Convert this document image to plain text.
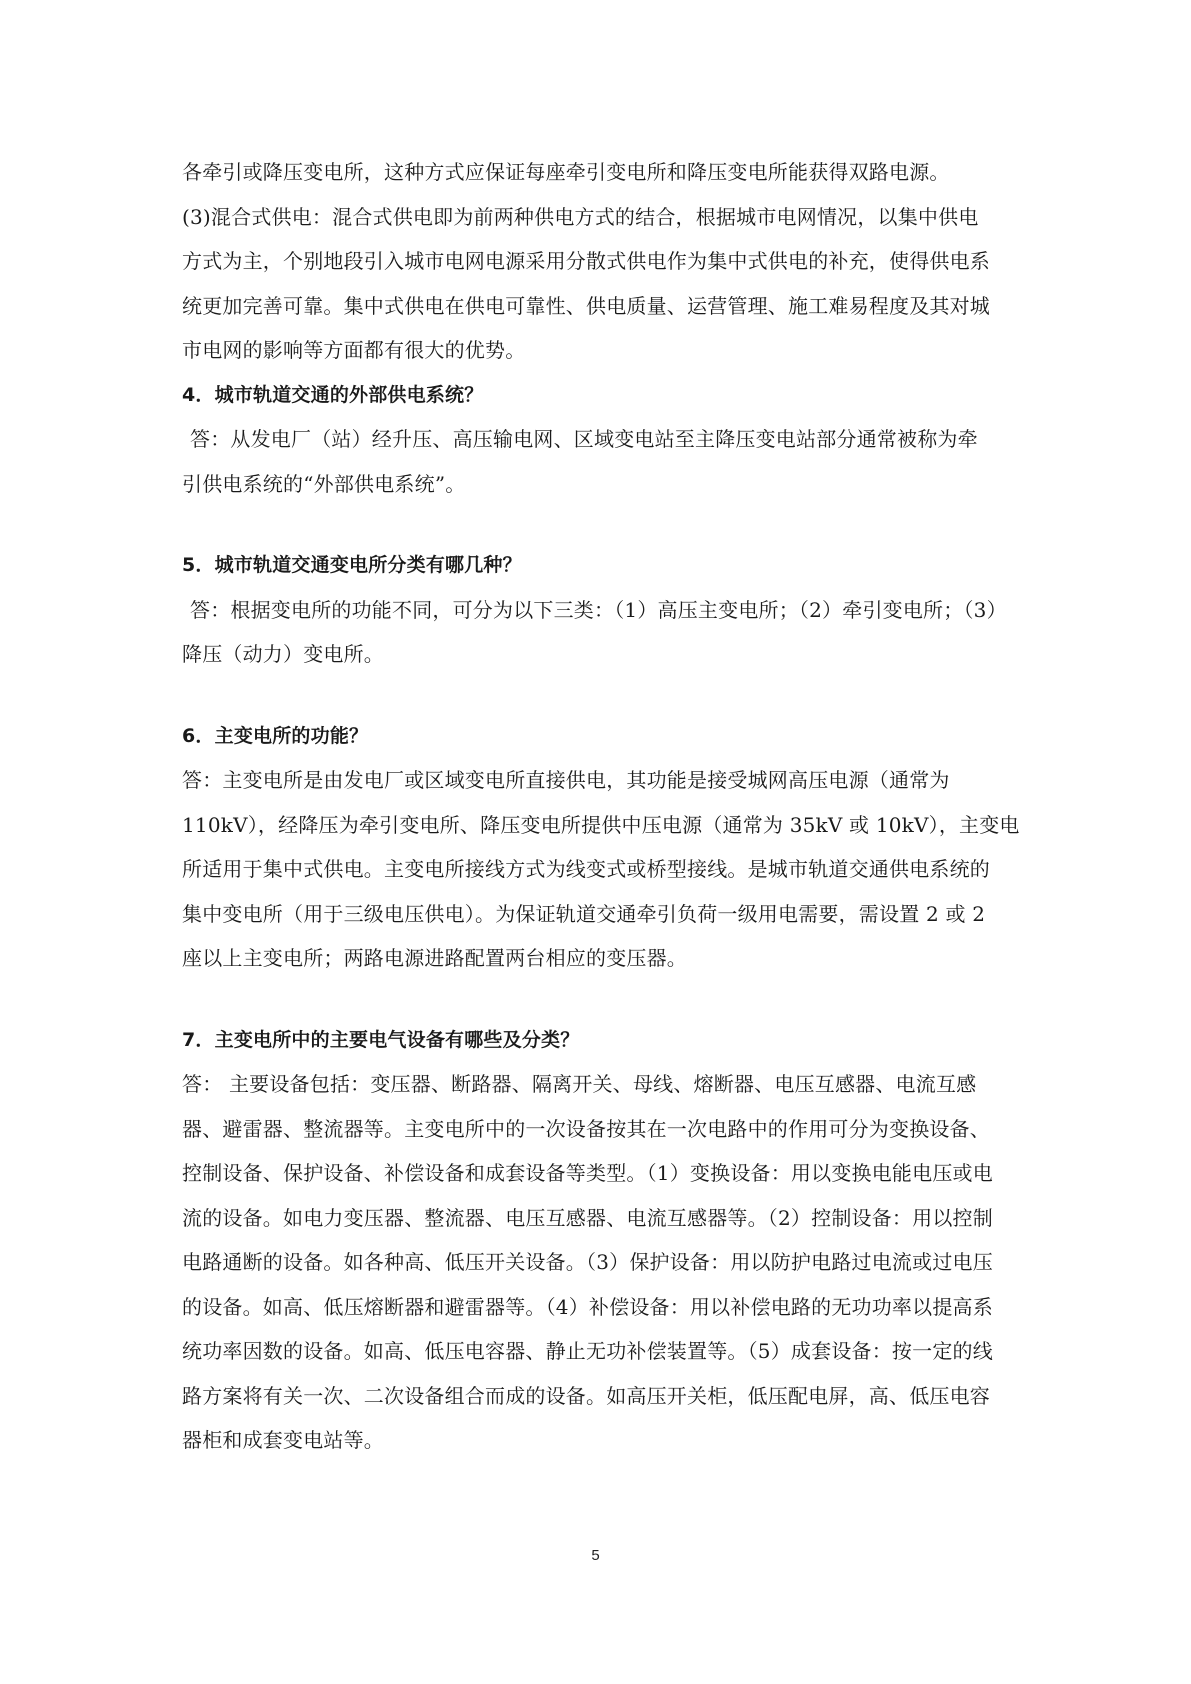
各牵引或降压变电所，这种方式应保证每座牵引变电所和降压变电所能获得双路电源。
(3)混合式供电：混合式供电即为前两种供电方式的结合，根据城市电网情况，以集中供电
方式为主，个别地段引入城市电网电源采用分散式供电作为集中式供电的补充，使得供电系
统更加完善可靠。集中式供电在供电可靠性、供电质量、运营管理、施工难易程度及其对城
市电网的影响等方面都有很大的优势。
4．城市轨道交通的外部供电系统？
答：从发电厂（站）经升压、高压输电网、区域变电站至主降压变电站部分通常被称为牵
引供电系统的“外部供电系统”。
5．城市轨道交通变电所分类有哪几种？
答：根据变电所的功能不同，可分为以下三类：（1）高压主变电所；（2）牵引变电所；（3）
降压（动力）变电所。
6．主变电所的功能？
答：主变电所是由发电厂或区域变电所直接供电，其功能是接受城网高压电源（通常为
110kV），经降压为牵引变电所、降压变电所提供中压电源（通常为 35kV 或 10kV），主变电
所适用于集中式供电。主变电所接线方式为线变式或桥型接线。是城市轨道交通供电系统的
集中变电所（用于三级电压供电）。为保证轨道交通牵引负荷一级用电需要，需设置 2 或 2
座以上主变电所；两路电源进路配置两台相应的变压器。
7．主变电所中的主要电气设备有哪些及分类？
答： 主要设备包括：变压器、断路器、隔离开关、母线、熔断器、电压互感器、电流互感
器、避雷器、整流器等。主变电所中的一次设备按其在一次电路中的作用可分为变换设备、
控制设备、保护设备、补偿设备和成套设备等类型。（1）变换设备：用以变换电能电压或电
流的设备。如电力变压器、整流器、电压互感器、电流互感器等。（2）控制设备：用以控制
电路通断的设备。如各种高、低压开关设备。（3）保护设备：用以防护电路过电流或过电压
的设备。如高、低压熔断器和避雷器等。（4）补偿设备：用以补偿电路的无功功率以提高系
统功率因数的设备。如高、低压电容器、静止无功补偿装置等。（5）成套设备：按一定的线
路方案将有关一次、二次设备组合而成的设备。如高压开关柜，低压配电屏，高、低压电容
器柜和成套变电站等。
5
